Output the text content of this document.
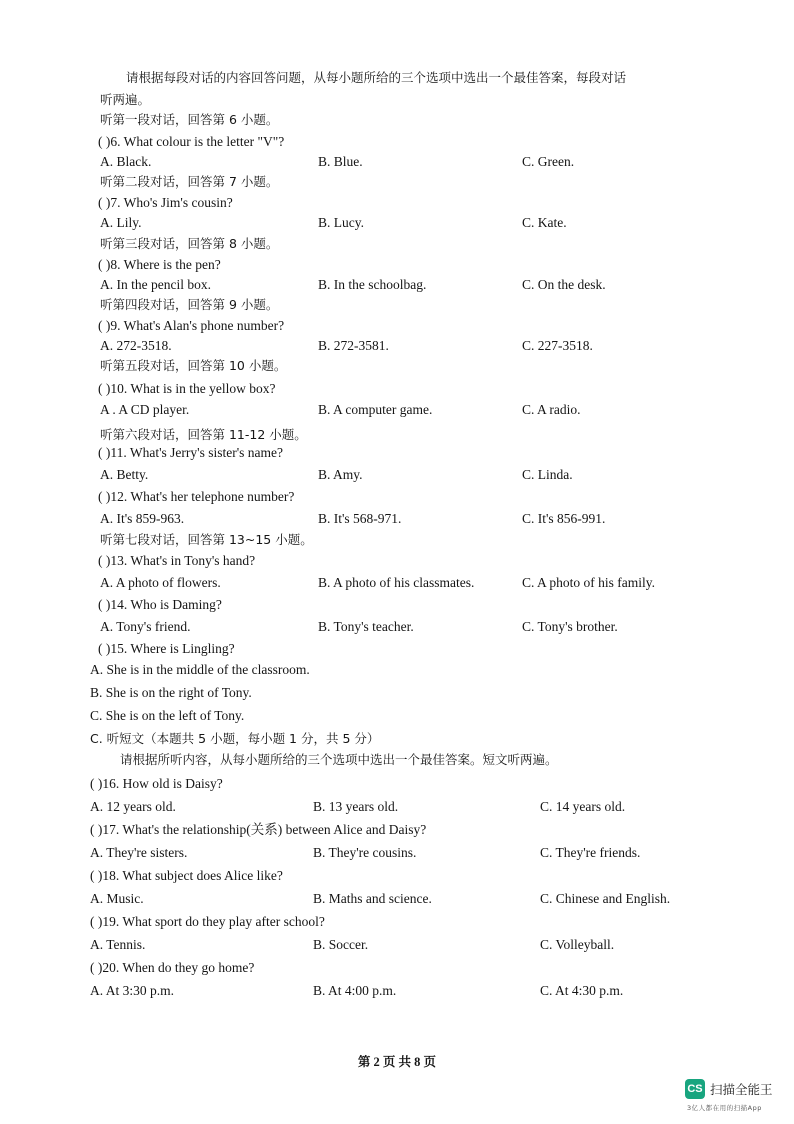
请根据每段对话的内容回答问题，从每小题所给的三个选项中选出一个最佳答案，每段对话
听两遍。
听第一段对话，回答第 6 小题。
( )6. What colour is the letter "V"?
A. Black.	B. Blue.	C. Green.
听第二段对话，回答第 7 小题。
( )7. Who's Jim's cousin?
A. Lily.	B. Lucy.	C. Kate.
听第三段对话，回答第 8 小题。
( )8. Where is the pen?
A. In the pencil box.	B. In the schoolbag.	C. On the desk.
听第四段对话，回答第 9 小题。
( )9. What's Alan's phone number?
A. 272-3518.	B. 272-3581.	C. 227-3518.
听第五段对话，回答第 10 小题。
( )10. What is in the yellow box?
A . A CD player.	B. A computer game.	C. A radio.
听第六段对话，回答第 11-12 小题。
( )11. What's Jerry's sister's name?
A. Betty.	B. Amy.	C. Linda.
( )12. What's her telephone number?
A. It's 859-963.	B. It's 568-971.	C. It's 856-991.
听第七段对话，回答第 13~15 小题。
( )13. What's in Tony's hand?
A. A photo of flowers.	B. A photo of his classmates.	C. A photo of his family.
( )14. Who is Daming?
A. Tony's friend.	B. Tony's teacher.	C. Tony's brother.
( )15. Where is Lingling?
A. She is in the middle of the classroom.
B. She is on the right of Tony.
C. She is on the left of Tony.
C. 听短文（本题共 5 小题，每小题 1 分，共 5 分）
请根据所听内容，从每小题所给的三个选项中选出一个最佳答案。短文听两遍。
( )16. How old is Daisy?
A. 12 years old.	B. 13 years old.	C. 14 years old.
( )17. What's the relationship(关系) between Alice and Daisy?
A. They're sisters.	B. They're cousins.	C. They're friends.
( )18. What subject does Alice like?
A. Music.	B. Maths and science.	C. Chinese and English.
( )19. What sport do they play after school?
A. Tennis.	B. Soccer.	C. Volleyball.
( )20. When do they go home?
A. At 3:30 p.m.	B. At 4:00 p.m.	C. At 4:30 p.m.
第 2 页 共 8 页
CS 扫描全能王
3亿人都在用的扫描App
